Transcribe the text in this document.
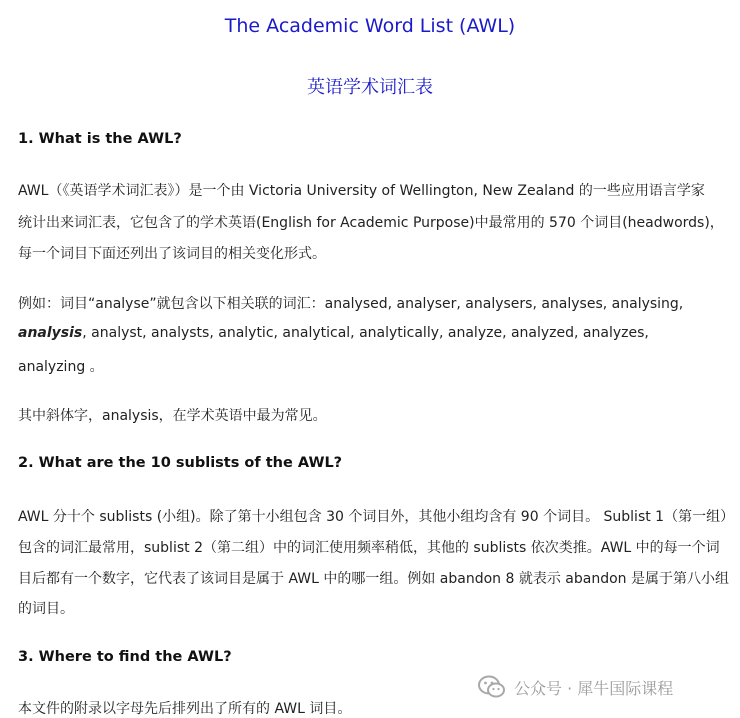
The Academic Word List (AWL)
英语学术词汇表
1. What is the AWL?
AWL（《英语学术词汇表》）是一个由 Victoria University of Wellington, New Zealand 的一些应用语言学家
统计出来词汇表，它包含了的学术英语(English for Academic Purpose)中最常用的 570 个词目(headwords)，
每一个词目下面还列出了该词目的相关变化形式。
例如：词目“analyse”就包含以下相关联的词汇：analysed, analyser, analysers, analyses, analysing,
analysis, analyst, analysts, analytic, analytical, analytically, analyze, analyzed, analyzes,
analyzing 。
其中斜体字，analysis，在学术英语中最为常见。
2. What are the 10 sublists of the AWL?
AWL 分十个 sublists (小组)。除了第十小组包含 30 个词目外，其他小组均含有 90 个词目。 Sublist 1（第一组）
包含的词汇最常用，sublist 2（第二组）中的词汇使用频率稍低，其他的 sublists 依次类推。AWL 中的每一个词
目后都有一个数字，它代表了该词目是属于 AWL 中的哪一组。例如 abandon 8 就表示 abandon 是属于第八小组
的词目。
3. Where to find the AWL?
本文件的附录以字母先后排列出了所有的 AWL 词目。
公众号 · 犀牛国际课程
